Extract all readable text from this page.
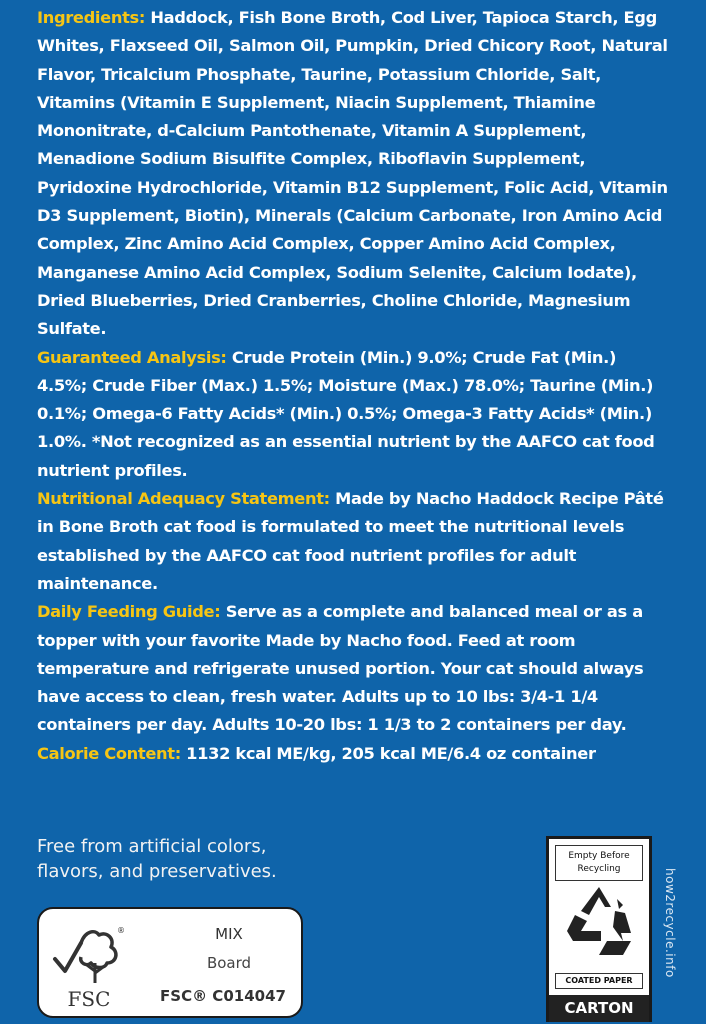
Ingredients: Haddock, Fish Bone Broth, Cod Liver, Tapioca Starch, Egg Whites, Flaxseed Oil, Salmon Oil, Pumpkin, Dried Chicory Root, Natural Flavor, Tricalcium Phosphate, Taurine, Potassium Chloride, Salt, Vitamins (Vitamin E Supplement, Niacin Supplement, Thiamine Mononitrate, d-Calcium Pantothenate, Vitamin A Supplement, Menadione Sodium Bisulfite Complex, Riboflavin Supplement, Pyridoxine Hydrochloride, Vitamin B12 Supplement, Folic Acid, Vitamin D3 Supplement, Biotin), Minerals (Calcium Carbonate, Iron Amino Acid Complex, Zinc Amino Acid Complex, Copper Amino Acid Complex, Manganese Amino Acid Complex, Sodium Selenite, Calcium Iodate), Dried Blueberries, Dried Cranberries, Choline Chloride, Magnesium Sulfate.

Guaranteed Analysis: Crude Protein (Min.) 9.0%; Crude Fat (Min.) 4.5%; Crude Fiber (Max.) 1.5%; Moisture (Max.) 78.0%; Taurine (Min.) 0.1%; Omega-6 Fatty Acids* (Min.) 0.5%; Omega-3 Fatty Acids* (Min.) 1.0%. *Not recognized as an essential nutrient by the AAFCO cat food nutrient profiles.

Nutritional Adequacy Statement: Made by Nacho Haddock Recipe Pâté in Bone Broth cat food is formulated to meet the nutritional levels established by the AAFCO cat food nutrient profiles for adult maintenance.

Daily Feeding Guide: Serve as a complete and balanced meal or as a topper with your favorite Made by Nacho food. Feed at room temperature and refrigerate unused portion. Your cat should always have access to clean, fresh water. Adults up to 10 lbs: 3/4-1 1/4 containers per day. Adults 10-20 lbs: 1 1/3 to 2 containers per day.

Calorie Content: 1132 kcal ME/kg, 205 kcal ME/6.4 oz container

Free from artificial colors,
flavors, and preservatives.
®
FSC
MIX
Board
FSC® C014047
Empty Before
Recycling
COATED PAPER
CARTON
how2recycle.info
